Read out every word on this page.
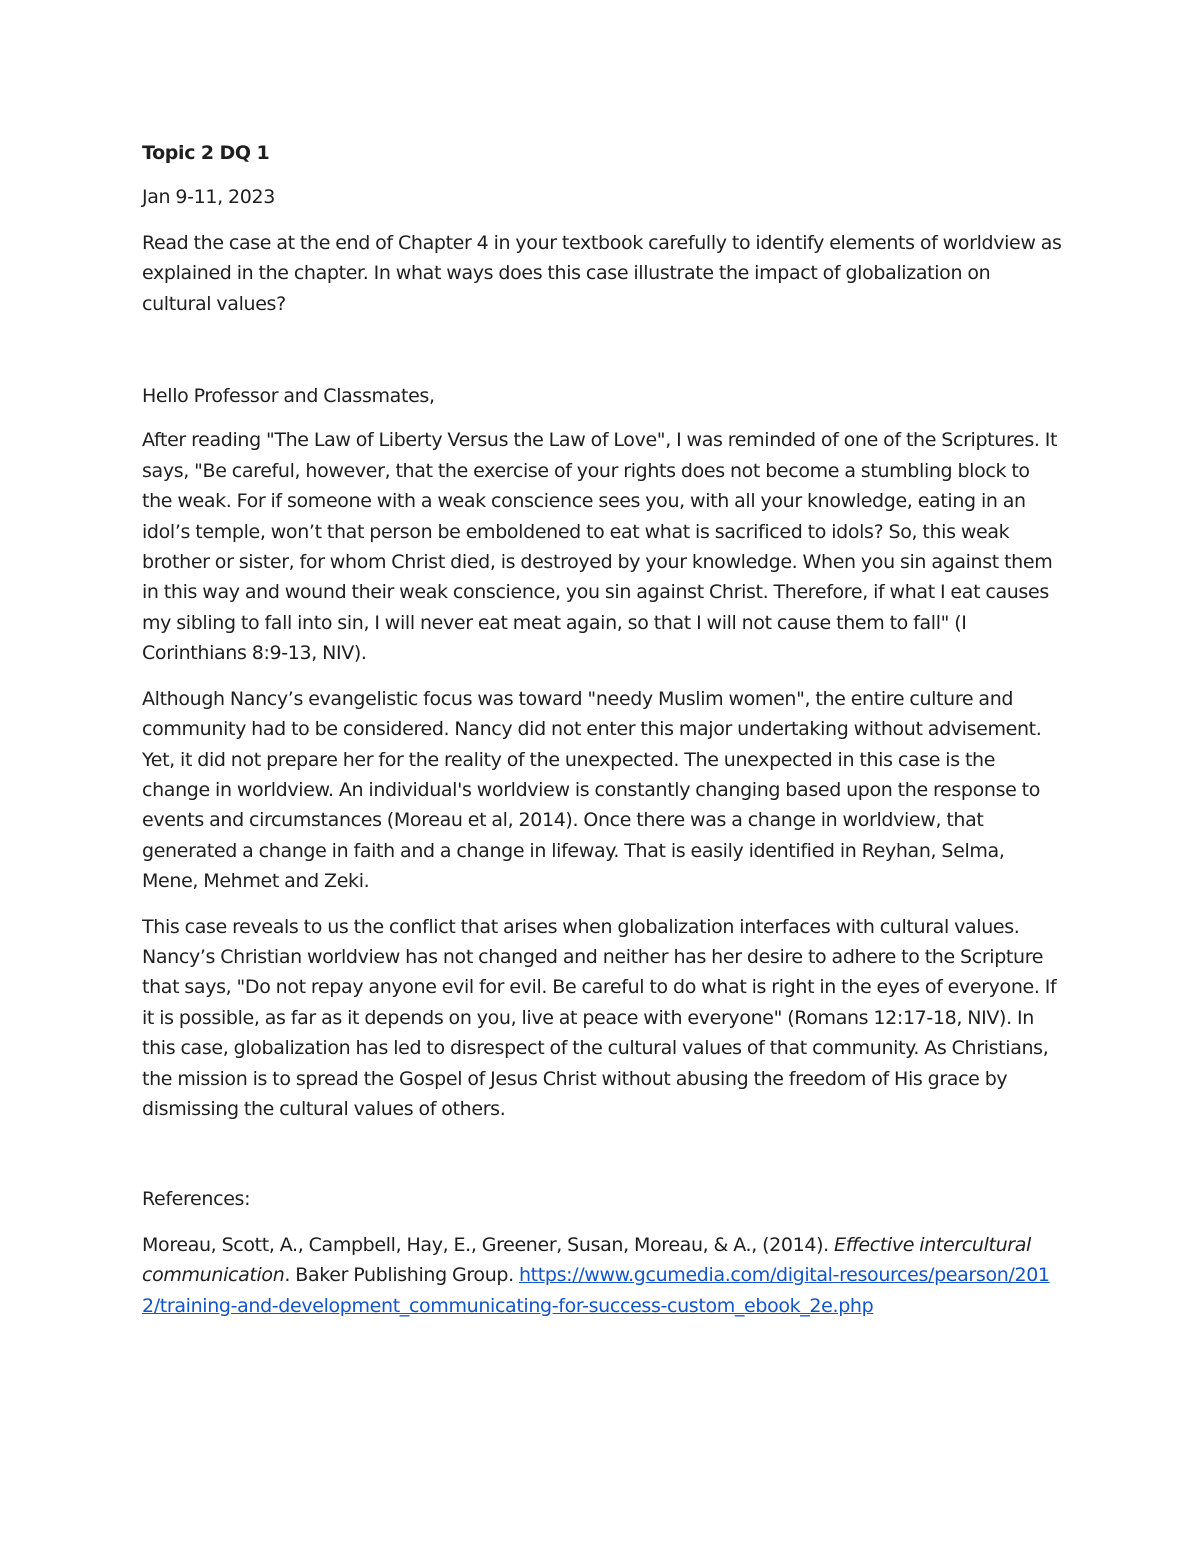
Topic 2 DQ 1

Jan 9-11, 2023

Read the case at the end of Chapter 4 in your textbook carefully to identify elements of worldview as explained in the chapter. In what ways does this case illustrate the impact of globalization on cultural values?

Hello Professor and Classmates,

After reading "The Law of Liberty Versus the Law of Love", I was reminded of one of the Scriptures. It says, "Be careful, however, that the exercise of your rights does not become a stumbling block to the weak. For if someone with a weak conscience sees you, with all your knowledge, eating in an idol’s temple, won’t that person be emboldened to eat what is sacrificed to idols? So, this weak brother or sister, for whom Christ died, is destroyed by your knowledge. When you sin against them in this way and wound their weak conscience, you sin against Christ. Therefore, if what I eat causes my sibling to fall into sin, I will never eat meat again, so that I will not cause them to fall" (I Corinthians 8:9-13, NIV).

Although Nancy’s evangelistic focus was toward "needy Muslim women", the entire culture and community had to be considered. Nancy did not enter this major undertaking without advisement. Yet, it did not prepare her for the reality of the unexpected. The unexpected in this case is the change in worldview. An individual's worldview is constantly changing based upon the response to events and circumstances (Moreau et al, 2014). Once there was a change in worldview, that generated a change in faith and a change in lifeway. That is easily identified in Reyhan, Selma, Mene, Mehmet and Zeki.

This case reveals to us the conflict that arises when globalization interfaces with cultural values. Nancy’s Christian worldview has not changed and neither has her desire to adhere to the Scripture that says, "Do not repay anyone evil for evil. Be careful to do what is right in the eyes of everyone. If it is possible, as far as it depends on you, live at peace with everyone" (Romans 12:17-18, NIV). In this case, globalization has led to disrespect of the cultural values of that community. As Christians, the mission is to spread the Gospel of Jesus Christ without abusing the freedom of His grace by dismissing the cultural values of others.

References:

Moreau, Scott, A., Campbell, Hay, E., Greener, Susan, Moreau, & A., (2014). Effective intercultural communication. Baker Publishing Group. https://www.gcumedia.com/digital-resources/pearson/2012/training-and-development_communicating-for-success-custom_ebook_2e.php
